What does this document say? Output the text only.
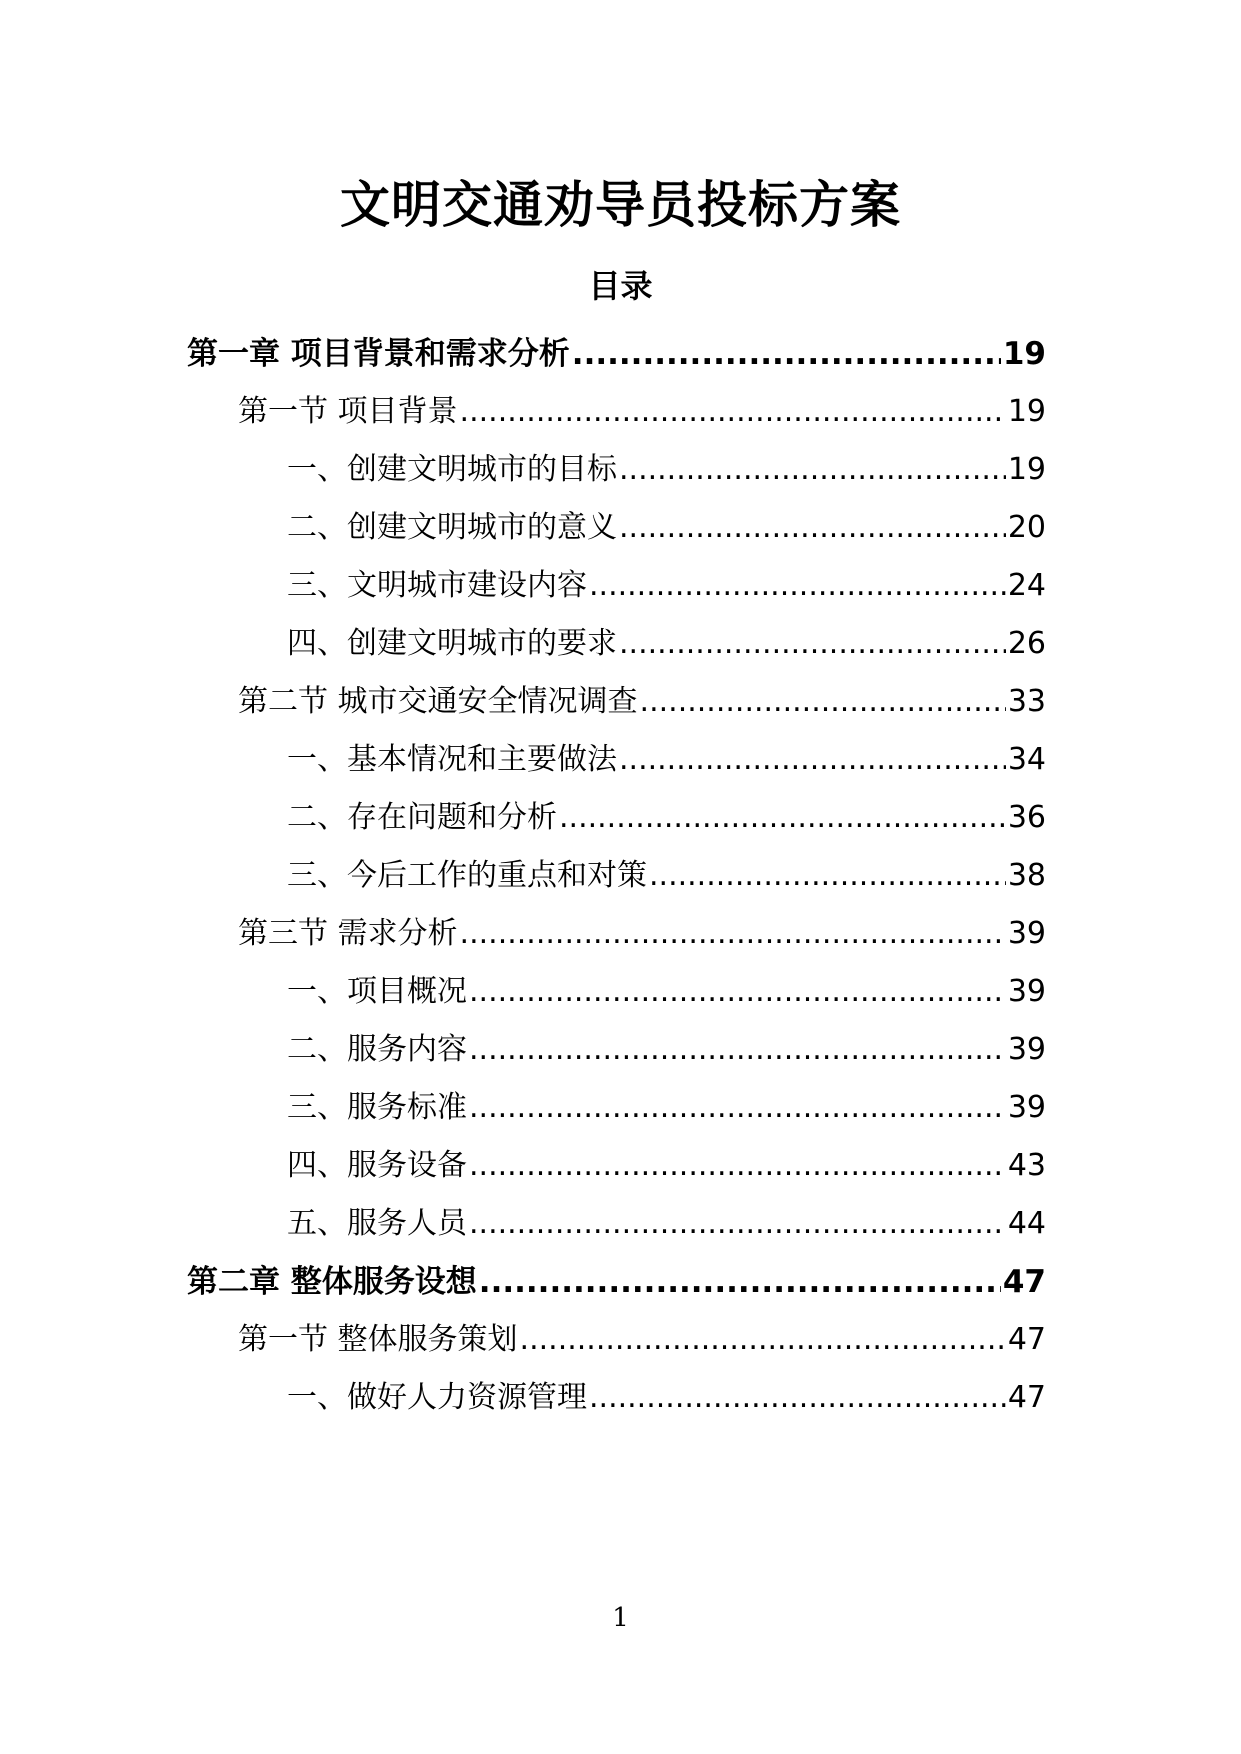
文明交通劝导员投标方案
目录
第一章 项目背景和需求分析 .....	19
第一节 项目背景 .....	19
一、创建文明城市的目标 .....	19
二、创建文明城市的意义 .....	20
三、文明城市建设内容 .....	24
四、创建文明城市的要求 .....	26
第二节 城市交通安全情况调查 .....	33
一、基本情况和主要做法 .....	34
二、存在问题和分析 .....	36
三、今后工作的重点和对策 .....	38
第三节 需求分析 .....	39
一、项目概况 .....	39
二、服务内容 .....	39
三、服务标准 .....	39
四、服务设备 .....	43
五、服务人员 .....	44
第二章 整体服务设想 .....	47
第一节 整体服务策划 .....	47
一、做好人力资源管理 .....	47
1
